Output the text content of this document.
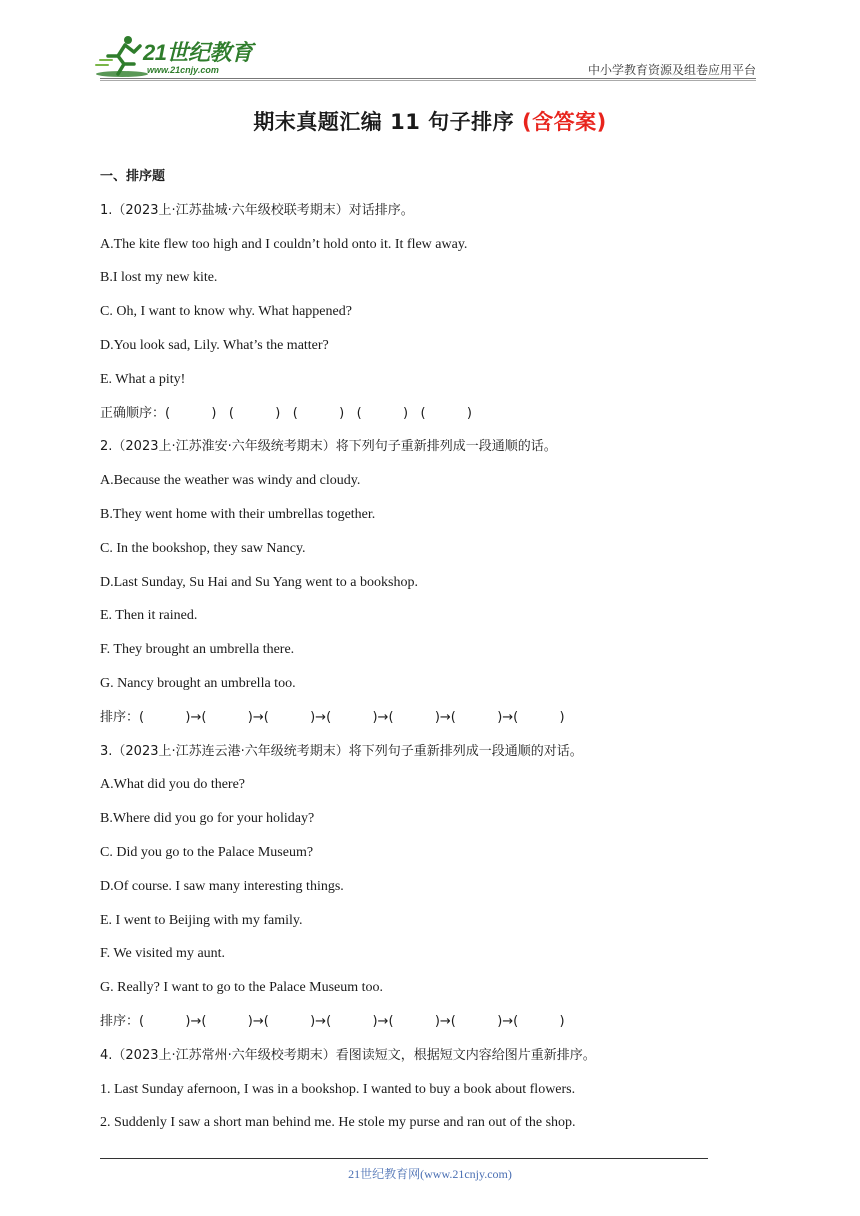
21世纪教育
www.21cnjy.com	中小学教育资源及组卷应用平台
期末真题汇编 11 句子排序 (含答案)
一、排序题
1.（2023上·江苏盐城·六年级校联考期末）对话排序。
A.The kite flew too high and I couldn’t hold onto it. It flew away.
B.I lost my new kite.
C. Oh, I want to know why. What happened?
D.You look sad, Lily. What’s the matter?
E. What a pity!
正确顺序：(          )   (          )   (          )   (          )   (          )
2.（2023上·江苏淮安·六年级统考期末）将下列句子重新排列成一段通顺的话。
A.Because the weather was windy and cloudy.
B.They went home with their umbrellas together.
C. In the bookshop, they saw Nancy.
D.Last Sunday, Su Hai and Su Yang went to a bookshop.
E. Then it rained.
F. They brought an umbrella there.
G. Nancy brought an umbrella too.
排序：(          )→(          )→(          )→(          )→(          )→(          )→(          )
3.（2023上·江苏连云港·六年级统考期末）将下列句子重新排列成一段通顺的对话。
A.What did you do there?
B.Where did you go for your holiday?
C. Did you go to the Palace Museum?
D.Of course. I saw many interesting things.
E. I went to Beijing with my family.
F. We visited my aunt.
G. Really? I want to go to the Palace Museum too.
排序：(          )→(          )→(          )→(          )→(          )→(          )→(          )
4.（2023上·江苏常州·六年级校考期末）看图读短文，根据短文内容给图片重新排序。
1. Last Sunday afernoon, I was in a bookshop. I wanted to buy a book about flowers.
2. Suddenly I saw a short man behind me. He stole my purse and ran out of the shop.
21世纪教育网(www.21cnjy.com)
